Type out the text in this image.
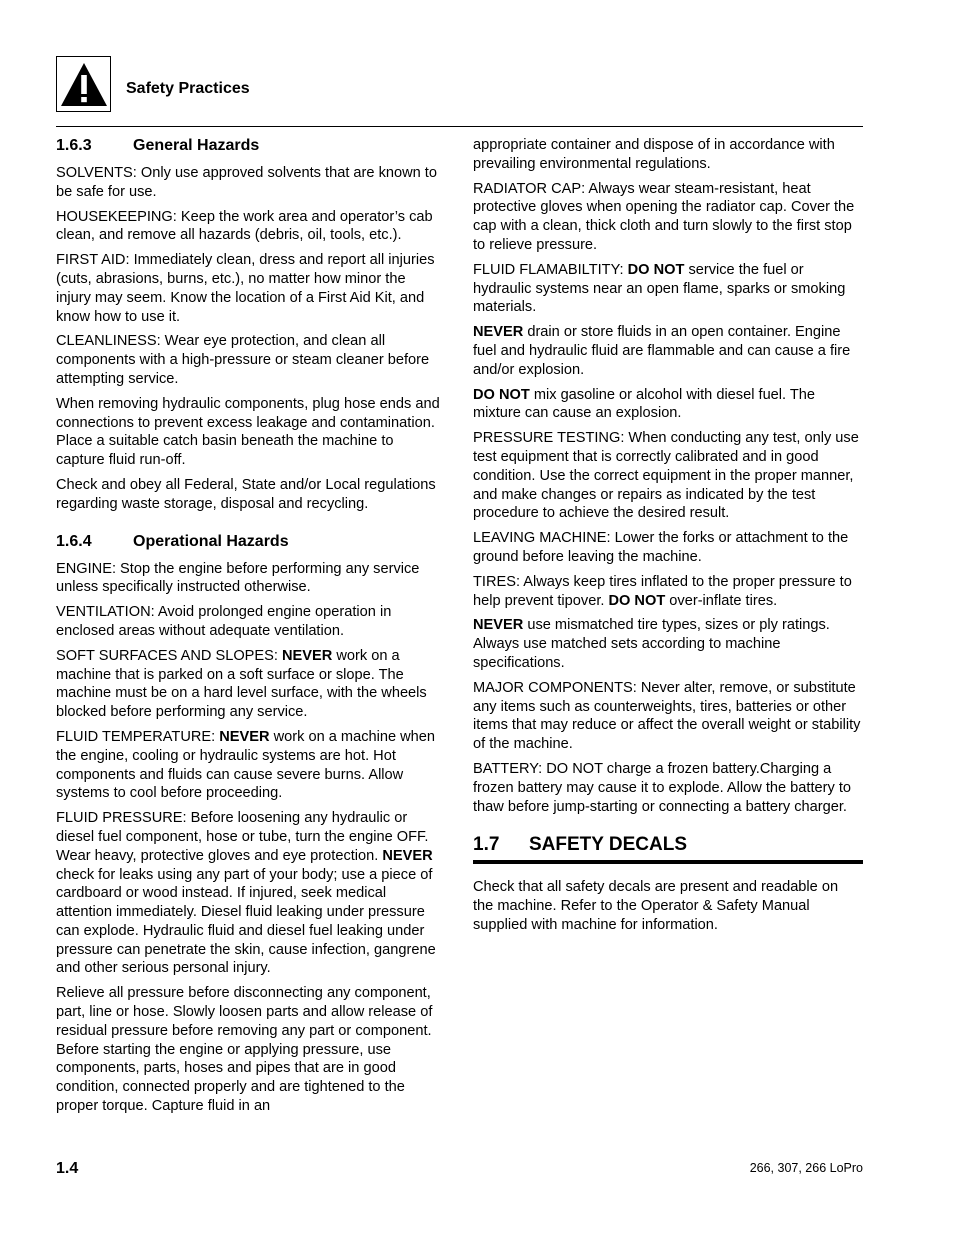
Safety Practices
1.6.3	General Hazards

SOLVENTS: Only use approved solvents that are known to be safe for use.

HOUSEKEEPING: Keep the work area and operator’s cab clean, and remove all hazards (debris, oil, tools, etc.).

FIRST AID: Immediately clean, dress and report all injuries (cuts, abrasions, burns, etc.), no matter how minor the injury may seem. Know the location of a First Aid Kit, and know how to use it.

CLEANLINESS: Wear eye protection, and clean all components with a high-pressure or steam cleaner before attempting service.

When removing hydraulic components, plug hose ends and connections to prevent excess leakage and contamination. Place a suitable catch basin beneath the machine to capture fluid run-off.

Check and obey all Federal, State and/or Local regulations regarding waste storage, disposal and recycling.

1.6.4	Operational Hazards

ENGINE: Stop the engine before performing any service unless specifically instructed otherwise.

VENTILATION: Avoid prolonged engine operation in enclosed areas without adequate ventilation.

SOFT SURFACES AND SLOPES: NEVER work on a machine that is parked on a soft surface or slope. The machine must be on a hard level surface, with the wheels blocked before performing any service.

FLUID TEMPERATURE: NEVER work on a machine when the engine, cooling or hydraulic systems are hot. Hot components and fluids can cause severe burns. Allow systems to cool before proceeding.

FLUID PRESSURE: Before loosening any hydraulic or diesel fuel component, hose or tube, turn the engine OFF. Wear heavy, protective gloves and eye protection. NEVER check for leaks using any part of your body; use a piece of cardboard or wood instead. If injured, seek medical attention immediately. Diesel fluid leaking under pressure can explode. Hydraulic fluid and diesel fuel leaking under pressure can penetrate the skin, cause infection, gangrene and other serious personal injury.

Relieve all pressure before disconnecting any component, part, line or hose. Slowly loosen parts and allow release of residual pressure before removing any part or component. Before starting the engine or applying pressure, use components, parts, hoses and pipes that are in good condition, connected properly and are tightened to the proper torque. Capture fluid in an

appropriate container and dispose of in accordance with prevailing environmental regulations.

RADIATOR CAP: Always wear steam-resistant, heat protective gloves when opening the radiator cap. Cover the cap with a clean, thick cloth and turn slowly to the first stop to relieve pressure.

FLUID FLAMABILTITY: DO NOT service the fuel or hydraulic systems near an open flame, sparks or smoking materials.

NEVER drain or store fluids in an open container. Engine fuel and hydraulic fluid are flammable and can cause a fire and/or explosion.

DO NOT mix gasoline or alcohol with diesel fuel. The mixture can cause an explosion.

PRESSURE TESTING: When conducting any test, only use test equipment that is correctly calibrated and in good condition. Use the correct equipment in the proper manner, and make changes or repairs as indicated by the test procedure to achieve the desired result.

LEAVING MACHINE: Lower the forks or attachment to the ground before leaving the machine.

TIRES: Always keep tires inflated to the proper pressure to help prevent tipover. DO NOT over-inflate tires.

NEVER use mismatched tire types, sizes or ply ratings. Always use matched sets according to machine specifications.

MAJOR COMPONENTS: Never alter, remove, or substitute any items such as counterweights, tires, batteries or other items that may reduce or affect the overall weight or stability of the machine.

BATTERY: DO NOT charge a frozen battery.Charging a frozen battery may cause it to explode. Allow the battery to thaw before jump-starting or connecting a battery charger.

1.7 SAFETY DECALS

Check that all safety decals are present and readable on the machine. Refer to the Operator & Safety Manual supplied with machine for information.

1.4	266, 307, 266 LoPro
